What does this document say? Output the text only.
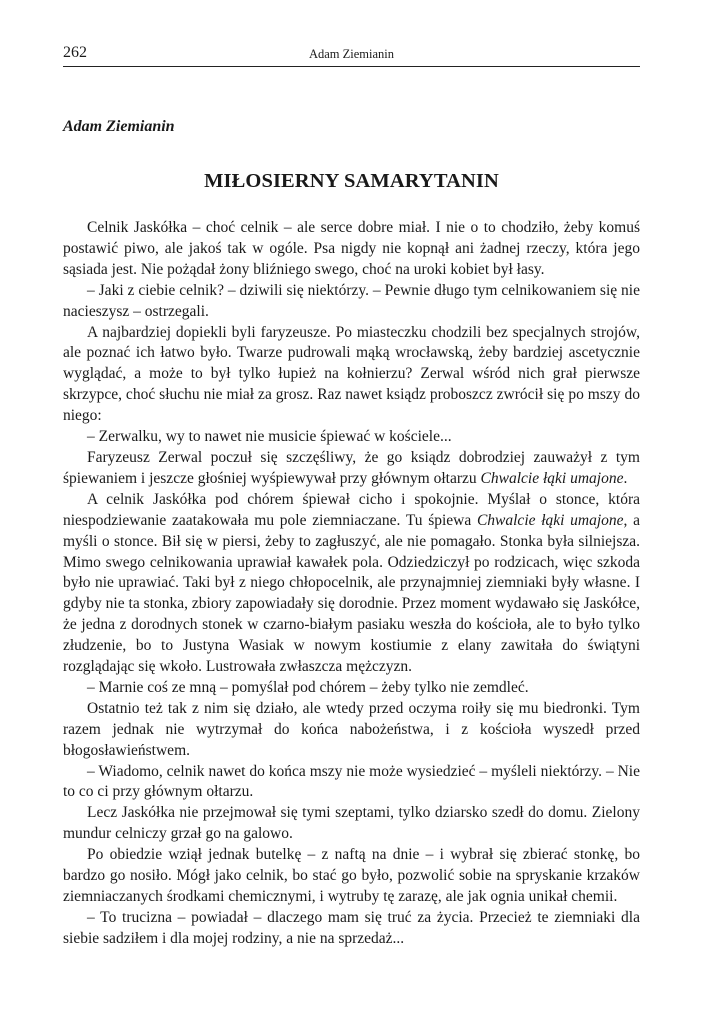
262	Adam Ziemianin
Adam Ziemianin
MIŁOSIERNY SAMARYTANIN

Celnik Jaskółka – choć celnik – ale serce dobre miał. I nie o to chodziło, żeby komuś postawić piwo, ale jakoś tak w ogóle. Psa nigdy nie kopnął ani żadnej rzeczy, która jego sąsiada jest. Nie pożądał żony bliźniego swego, choć na uroki kobiet był łasy.

– Jaki z ciebie celnik? – dziwili się niektórzy. – Pewnie długo tym celnikowaniem się nie nacieszysz – ostrzegali.

A najbardziej dopiekli byli faryzeusze. Po miasteczku chodzili bez specjalnych strojów, ale poznać ich łatwo było. Twarze pudrowali mąką wrocławską, żeby bardziej ascetycznie wyglądać, a może to był tylko łupież na kołnierzu? Zerwal wśród nich grał pierwsze skrzypce, choć słuchu nie miał za grosz. Raz nawet ksiądz proboszcz zwrócił się po mszy do niego:

– Zerwalku, wy to nawet nie musicie śpiewać w kościele...

Faryzeusz Zerwal poczuł się szczęśliwy, że go ksiądz dobrodziej zauważył z tym śpiewaniem i jeszcze głośniej wyśpiewywał przy głównym ołtarzu Chwalcie łąki umajone.

A celnik Jaskółka pod chórem śpiewał cicho i spokojnie. Myślał o stonce, która niespodziewanie zaatakowała mu pole ziemniaczane. Tu śpiewa Chwalcie łąki umajone, a myśli o stonce. Bił się w piersi, żeby to zagłuszyć, ale nie pomagało. Stonka była silniejsza. Mimo swego celnikowania uprawiał kawałek pola. Odziedziczył po rodzicach, więc szkoda było nie uprawiać. Taki był z niego chłopocelnik, ale przynajmniej ziemniaki były własne. I gdyby nie ta stonka, zbiory zapowiadały się dorodnie. Przez moment wydawało się Jaskółce, że jedna z dorodnych stonek w czarno-białym pasiaku weszła do kościoła, ale to było tylko złudzenie, bo to Justyna Wasiak w nowym kostiumie z elany zawitała do świątyni rozglądając się wkoło. Lustrowała zwłaszcza mężczyzn.

– Marnie coś ze mną – pomyślał pod chórem – żeby tylko nie zemdleć.

Ostatnio też tak z nim się działo, ale wtedy przed oczyma roiły się mu biedronki. Tym razem jednak nie wytrzymał do końca nabożeństwa, i z kościoła wyszedł przed błogosławieństwem.

– Wiadomo, celnik nawet do końca mszy nie może wysiedzieć – myśleli niektórzy. – Nie to co ci przy głównym ołtarzu.

Lecz Jaskółka nie przejmował się tymi szeptami, tylko dziarsko szedł do domu. Zielony mundur celniczy grzał go na galowo.

Po obiedzie wziął jednak butelkę – z naftą na dnie – i wybrał się zbierać stonkę, bo bardzo go nosiło. Mógł jako celnik, bo stać go było, pozwolić sobie na spryskanie krzaków ziemniaczanych środkami chemicznymi, i wytruby tę zarazę, ale jak ognia unikał chemii.

– To trucizna – powiadał – dlaczego mam się truć za życia. Przecież te ziemniaki dla siebie sadziłem i dla mojej rodziny, a nie na sprzedaż...
